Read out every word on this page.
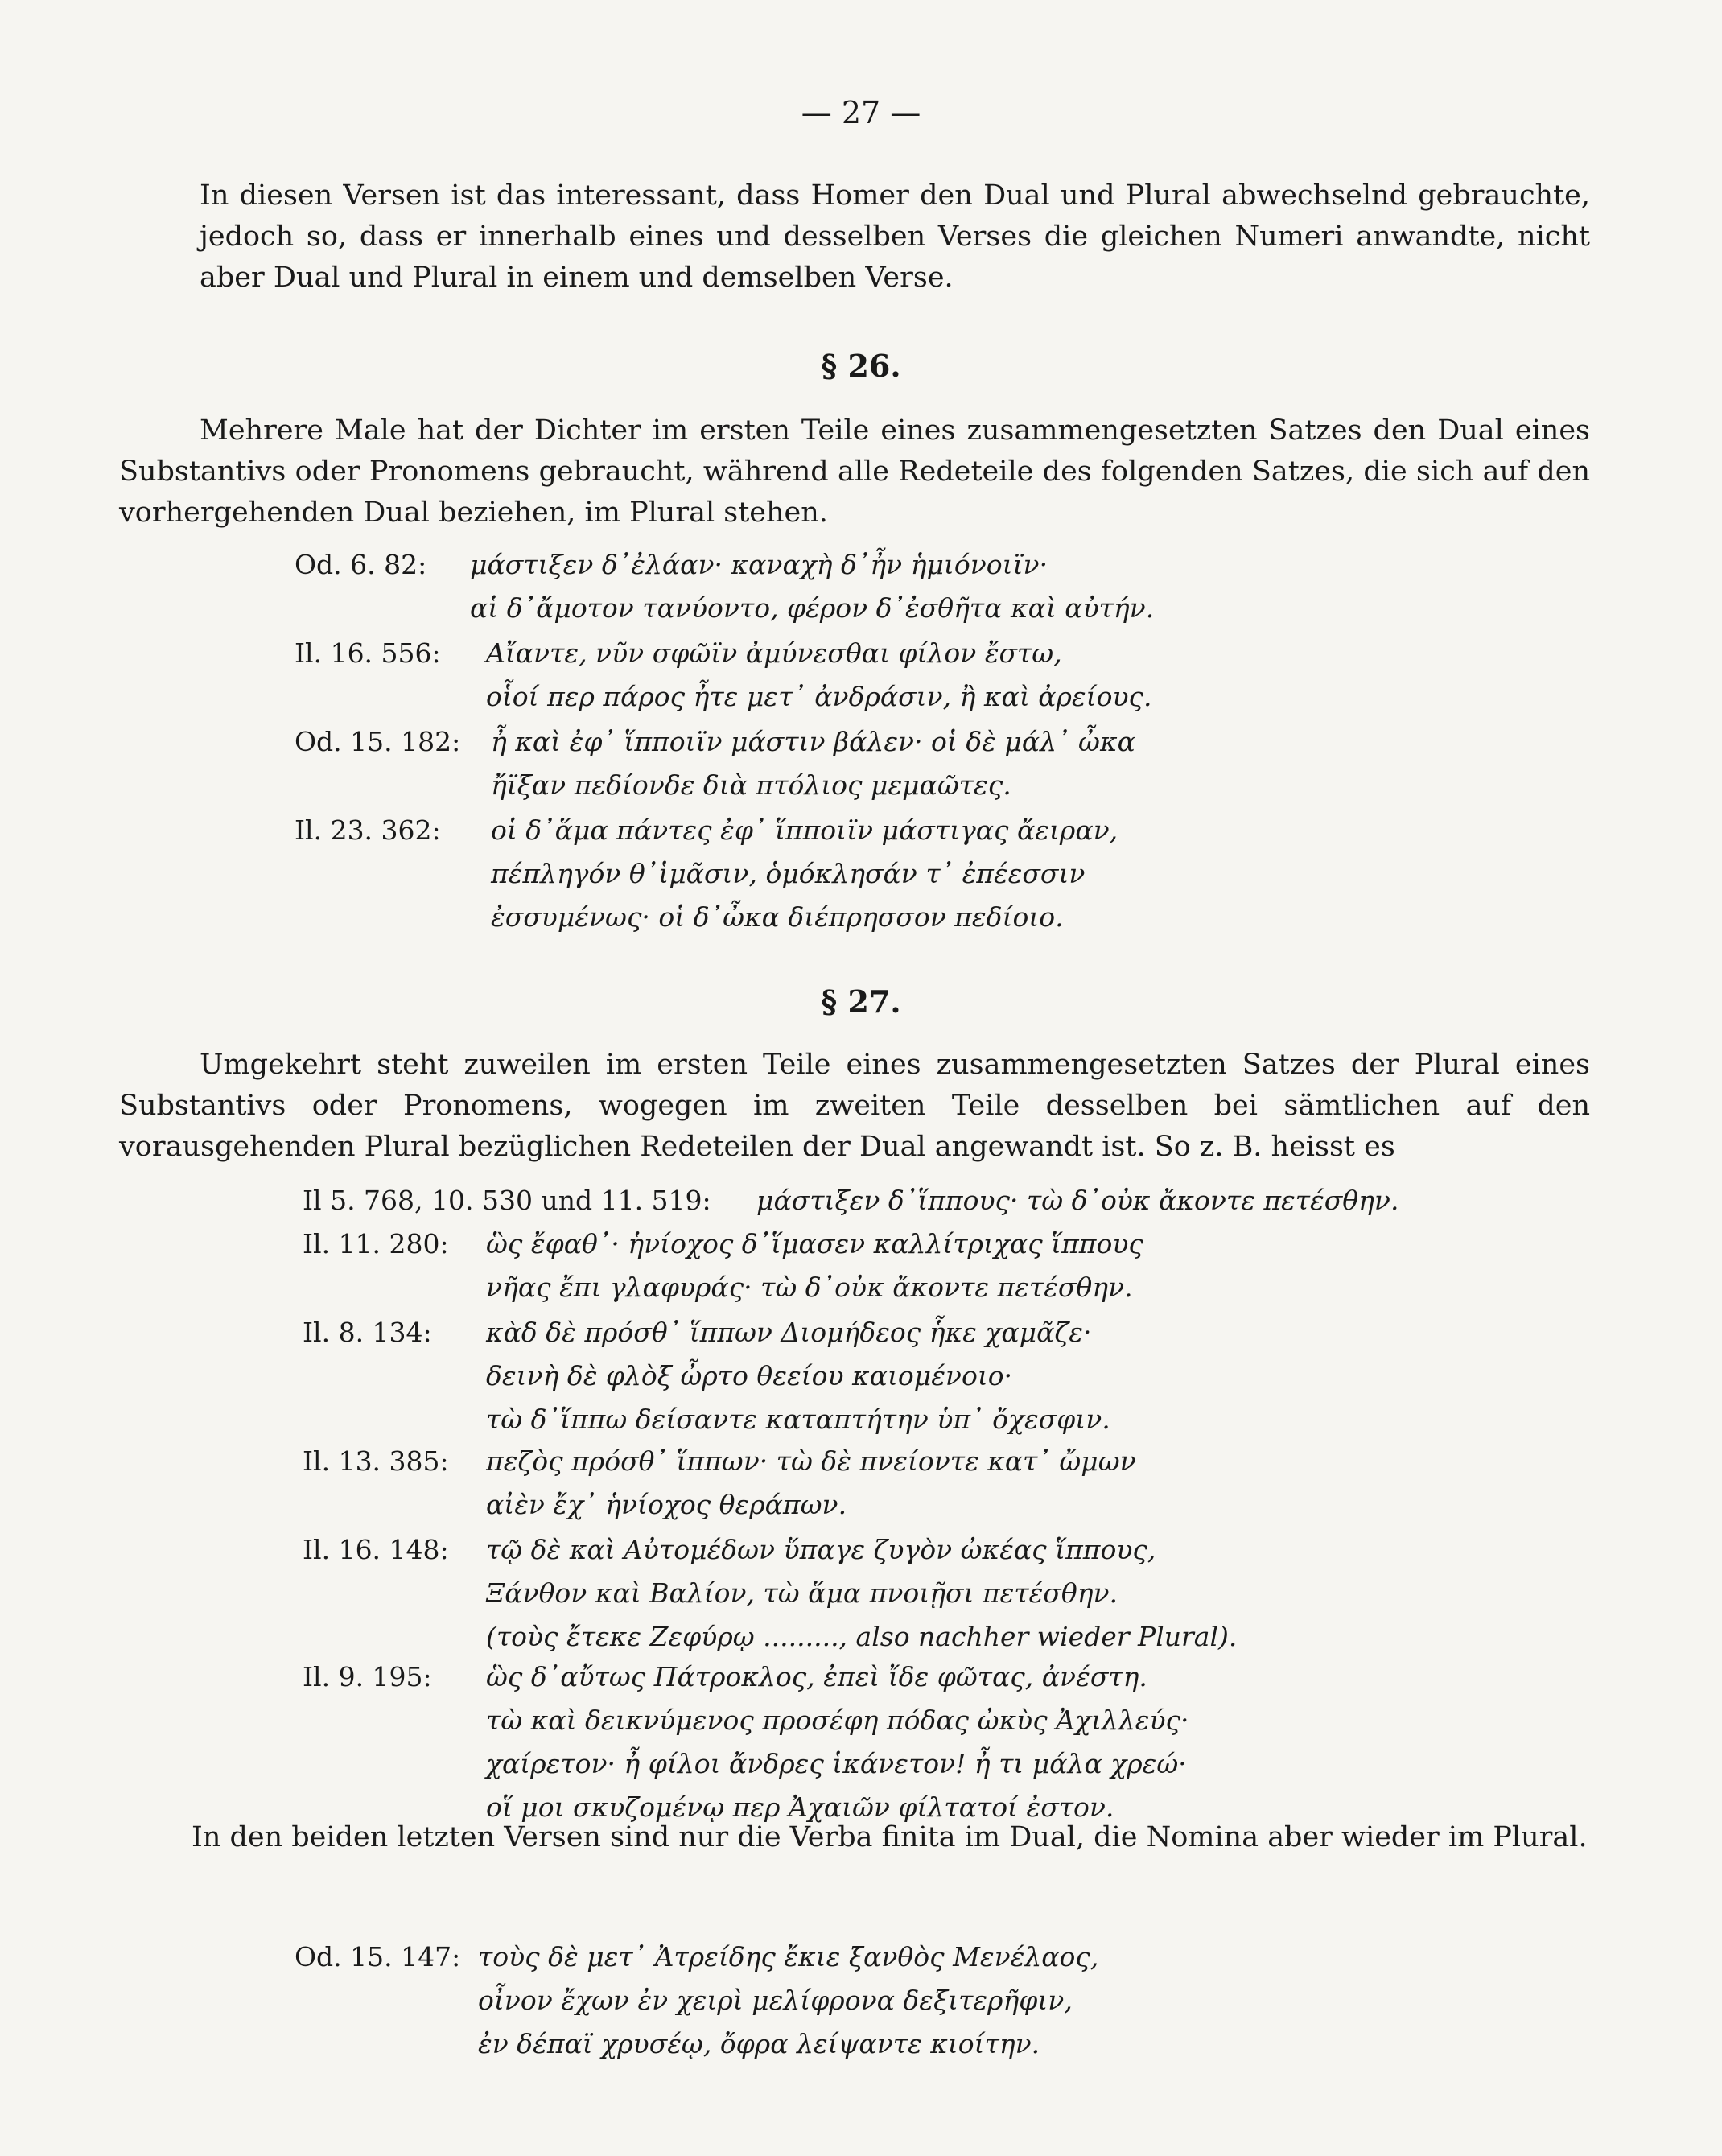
— 27 —

In diesen Versen ist das interessant, dass Homer den Dual und Plural abwechselnd gebrauchte, jedoch so, dass er innerhalb eines und desselben Verses die gleichen Numeri anwandte, nicht aber Dual und Plural in einem und demselben Verse.

§ 26.

Mehrere Male hat der Dichter im ersten Teile eines zusammengesetzten Satzes den Dual eines Substantivs oder Pronomens gebraucht, während alle Redeteile des folgenden Satzes, die sich auf den vorhergehenden Dual beziehen, im Plural stehen.

Od. 6. 82: μάστιξεν δ᾽ἐλάαν· καναχὴ δ᾽ἦν ἡμιόνοιϊν·
αἱ δ᾽ἄμοτον τανύοντο, φέρον δ᾽ἐσθῆτα καὶ αὐτήν.
Il. 16. 556: Αἴαντε, νῦν σφῶϊν ἀμύνεσθαι φίλον ἔστω,
οἷοί περ πάρος ἦτε μετ᾽ ἀνδράσιν, ἢ καὶ ἀρείους.
Od. 15. 182: ἦ καὶ ἐφ᾽ ἵπποιϊν μάστιν βάλεν· οἱ δὲ μάλ᾽ ὦκα
ἤϊξαν πεδίονδε διὰ πτόλιος μεμαῶτες.
Il. 23. 362: οἱ δ᾽ἅμα πάντες ἐφ᾽ ἵπποιϊν μάστιγας ἄειραν,
πέπληγόν θ᾽ἱμᾶσιν, ὁμόκλησάν τ᾽ ἐπέεσσιν
ἐσσυμένως· οἱ δ᾽ὦκα διέπρησσον πεδίοιο.
§ 27.

Umgekehrt steht zuweilen im ersten Teile eines zusammengesetzten Satzes der Plural eines Substantivs oder Pronomens, wogegen im zweiten Teile desselben bei sämtlichen auf den vorausgehenden Plural bezüglichen Redeteilen der Dual angewandt ist. So z. B. heisst es

Il 5. 768, 10. 530 und 11. 519: μάστιξεν δ᾽ἵππους· τὼ δ᾽οὐκ ἄκοντε πετέσθην.
Il. 11. 280: ὣς ἔφαθ᾽· ἡνίοχος δ᾽ἵμασεν καλλίτριχας ἵππους
νῆας ἔπι γλαφυράς· τὼ δ᾽οὐκ ἄκοντε πετέσθην.
Il. 8. 134: κὰδ δὲ πρόσθ᾽ ἵππων Διομήδεος ἧκε χαμᾶζε·
δεινὴ δὲ φλὸξ ὦρτο θεείου καιομένοιο·
τὼ δ᾽ἵππω δείσαντε καταπτήτην ὑπ᾽ ὄχεσφιν.
Il. 13. 385: πεζὸς πρόσθ᾽ ἵππων· τὼ δὲ πνείοντε κατ᾽ ὤμων
αἰὲν ἔχ᾽ ἡνίοχος θεράπων.
Il. 16. 148: τῷ δὲ καὶ Αὐτομέδων ὕπαγε ζυγὸν ὠκέας ἵππους,
Ξάνθον καὶ Βαλίον, τὼ ἅμα πνοιῇσι πετέσθην.
(τοὺς ἔτεκε Ζεφύρῳ ........., also nachher wieder Plural).
Il. 9. 195: ὣς δ᾽αὔτως Πάτροκλος, ἐπεὶ ἴδε φῶτας, ἀνέστη.
τὼ καὶ δεικνύμενος προσέφη πόδας ὠκὺς Ἀχιλλεύς·
χαίρετον· ἦ φίλοι ἄνδρες ἱκάνετον! ἦ τι μάλα χρεώ·
οἵ μοι σκυζομένῳ περ Ἀχαιῶν φίλτατοί ἐστον.

In den beiden letzten Versen sind nur die Verba finita im Dual, die Nomina aber wieder im Plural.

Od. 15. 147: τοὺς δὲ μετ᾽ Ἀτρείδης ἔκιε ξανθὸς Μενέλαος,
οἶνον ἔχων ἐν χειρὶ μελίφρονα δεξιτερῆφιν,
ἐν δέπαϊ χρυσέῳ, ὄφρα λείψαντε κιοίτην.
